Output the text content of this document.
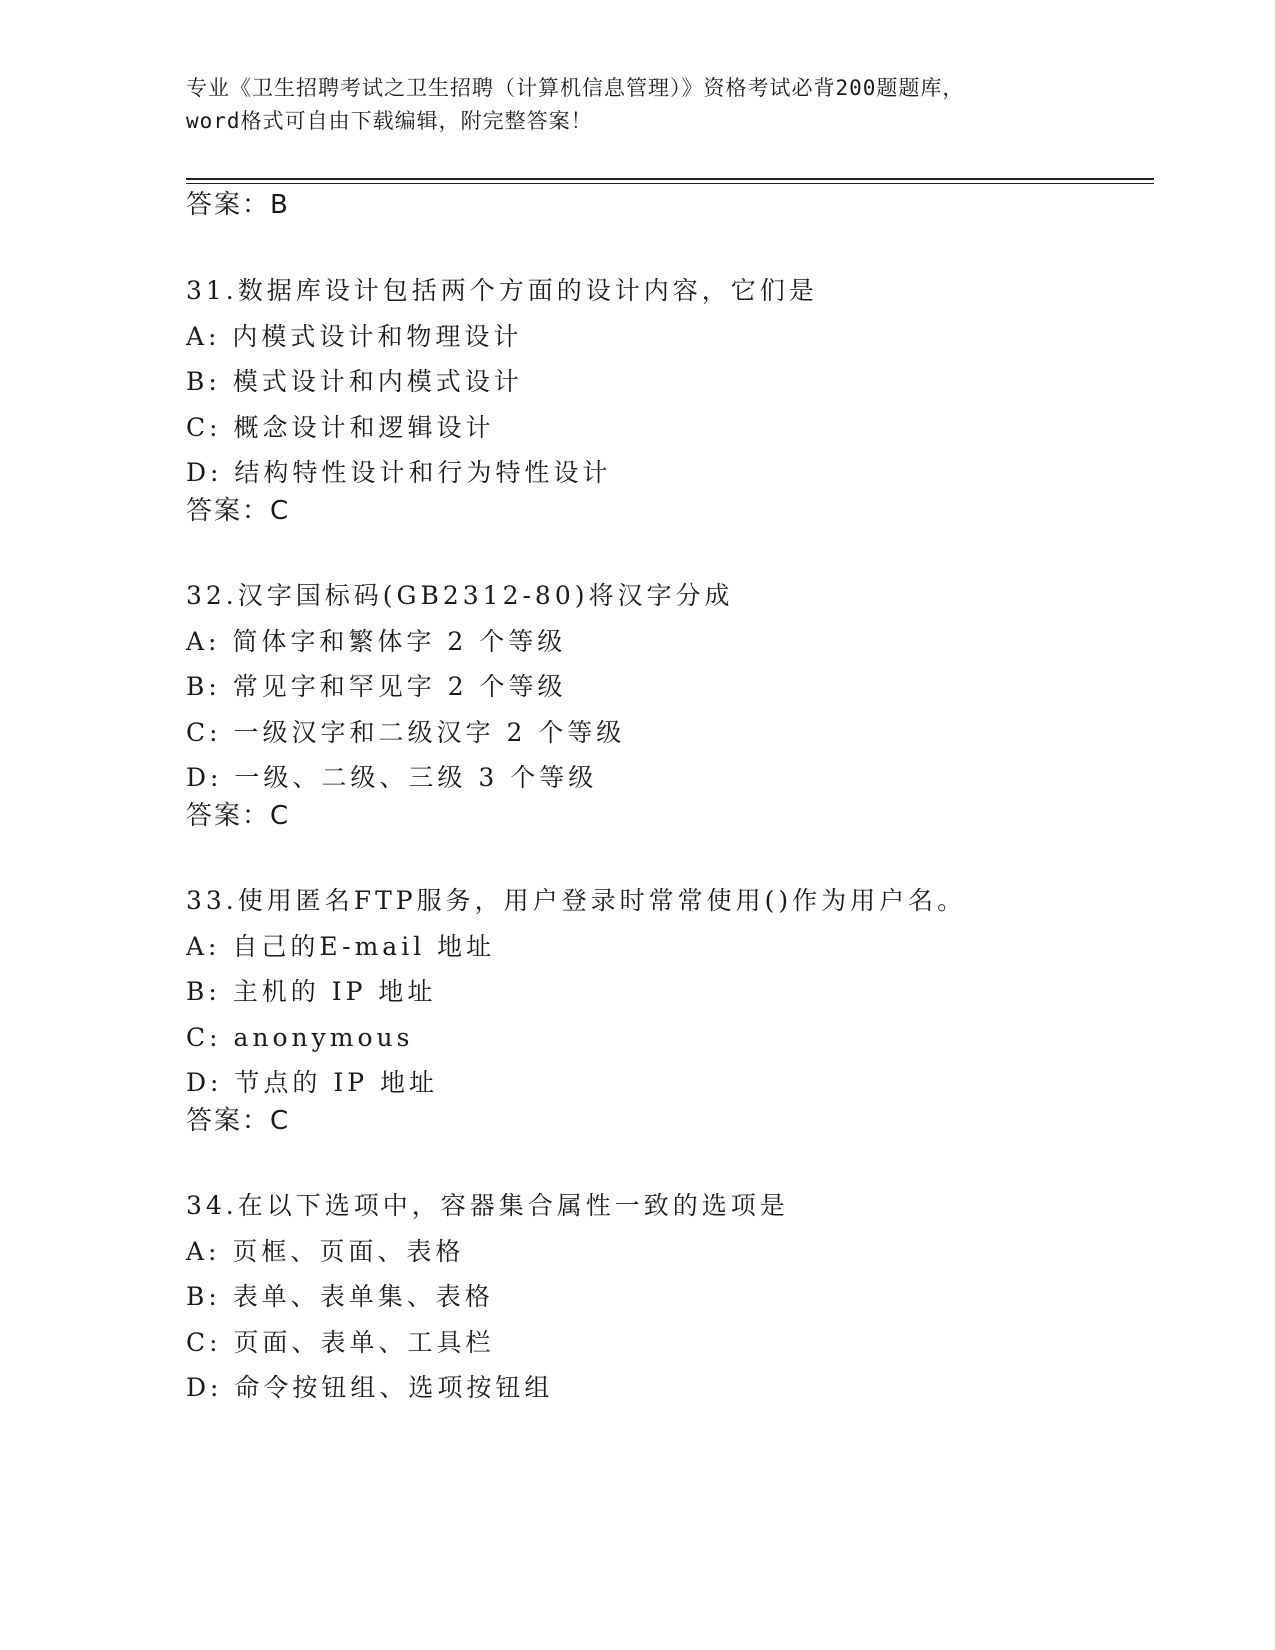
专业《卫生招聘考试之卫生招聘（计算机信息管理）》资格考试必背200题题库，
word格式可自由下载编辑，附完整答案！
答案：B
31.数据库设计包括两个方面的设计内容，它们是
A: 内模式设计和物理设计
B: 模式设计和内模式设计
C: 概念设计和逻辑设计
D: 结构特性设计和行为特性设计
答案：C
32.汉字国标码(GB2312-80)将汉字分成
A: 简体字和繁体字 2 个等级
B: 常见字和罕见字 2 个等级
C: 一级汉字和二级汉字 2 个等级
D: 一级、二级、三级 3 个等级
答案：C
33.使用匿名FTP服务，用户登录时常常使用()作为用户名。
A: 自己的E-mail 地址
B: 主机的 IP 地址
C: anonymous
D: 节点的 IP 地址
答案：C
34.在以下选项中，容器集合属性一致的选项是
A: 页框、页面、表格
B: 表单、表单集、表格
C: 页面、表单、工具栏
D: 命令按钮组、选项按钮组
